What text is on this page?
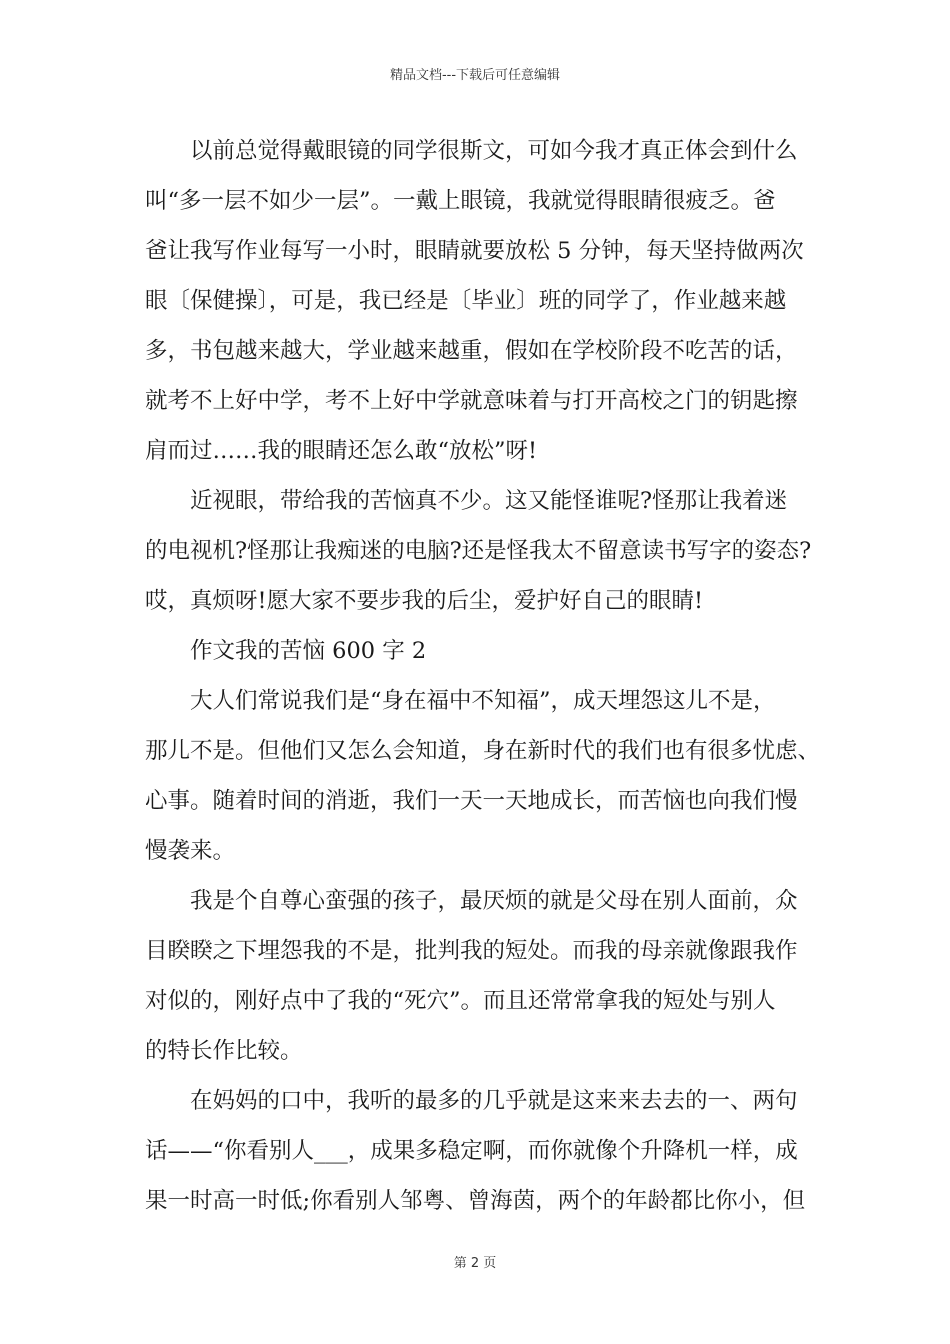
精品文档---下载后可任意编辑
以前总觉得戴眼镜的同学很斯文，可如今我才真正体会到什么
叫“多一层不如少一层”。一戴上眼镜，我就觉得眼睛很疲乏。爸
爸让我写作业每写一小时，眼睛就要放松 5 分钟，每天坚持做两次
眼〔保健操〕，可是，我已经是〔毕业〕班的同学了，作业越来越
多，书包越来越大，学业越来越重，假如在学校阶段不吃苦的话，
就考不上好中学，考不上好中学就意味着与打开高校之门的钥匙擦
肩而过……我的眼睛还怎么敢“放松”呀!
近视眼，带给我的苦恼真不少。这又能怪谁呢?怪那让我着迷
的电视机?怪那让我痴迷的电脑?还是怪我太不留意读书写字的姿态?
哎，真烦呀!愿大家不要步我的后尘，爱护好自己的眼睛!
作文我的苦恼 600 字 2
大人们常说我们是“身在福中不知福”，成天埋怨这儿不是，
那儿不是。但他们又怎么会知道，身在新时代的我们也有很多忧虑、
心事。随着时间的消逝，我们一天一天地成长，而苦恼也向我们慢
慢袭来。
我是个自尊心蛮强的孩子，最厌烦的就是父母在别人面前，众
目睽睽之下埋怨我的不是，批判我的短处。而我的母亲就像跟我作
对似的，刚好点中了我的“死穴”。而且还常常拿我的短处与别人
的特长作比较。
在妈妈的口中，我听的最多的几乎就是这来来去去的一、两句
话——“你看别人___，成果多稳定啊，而你就像个升降机一样，成
果一时高一时低;你看别人邹粤、曾海茵，两个的年龄都比你小，但
第 2 页
